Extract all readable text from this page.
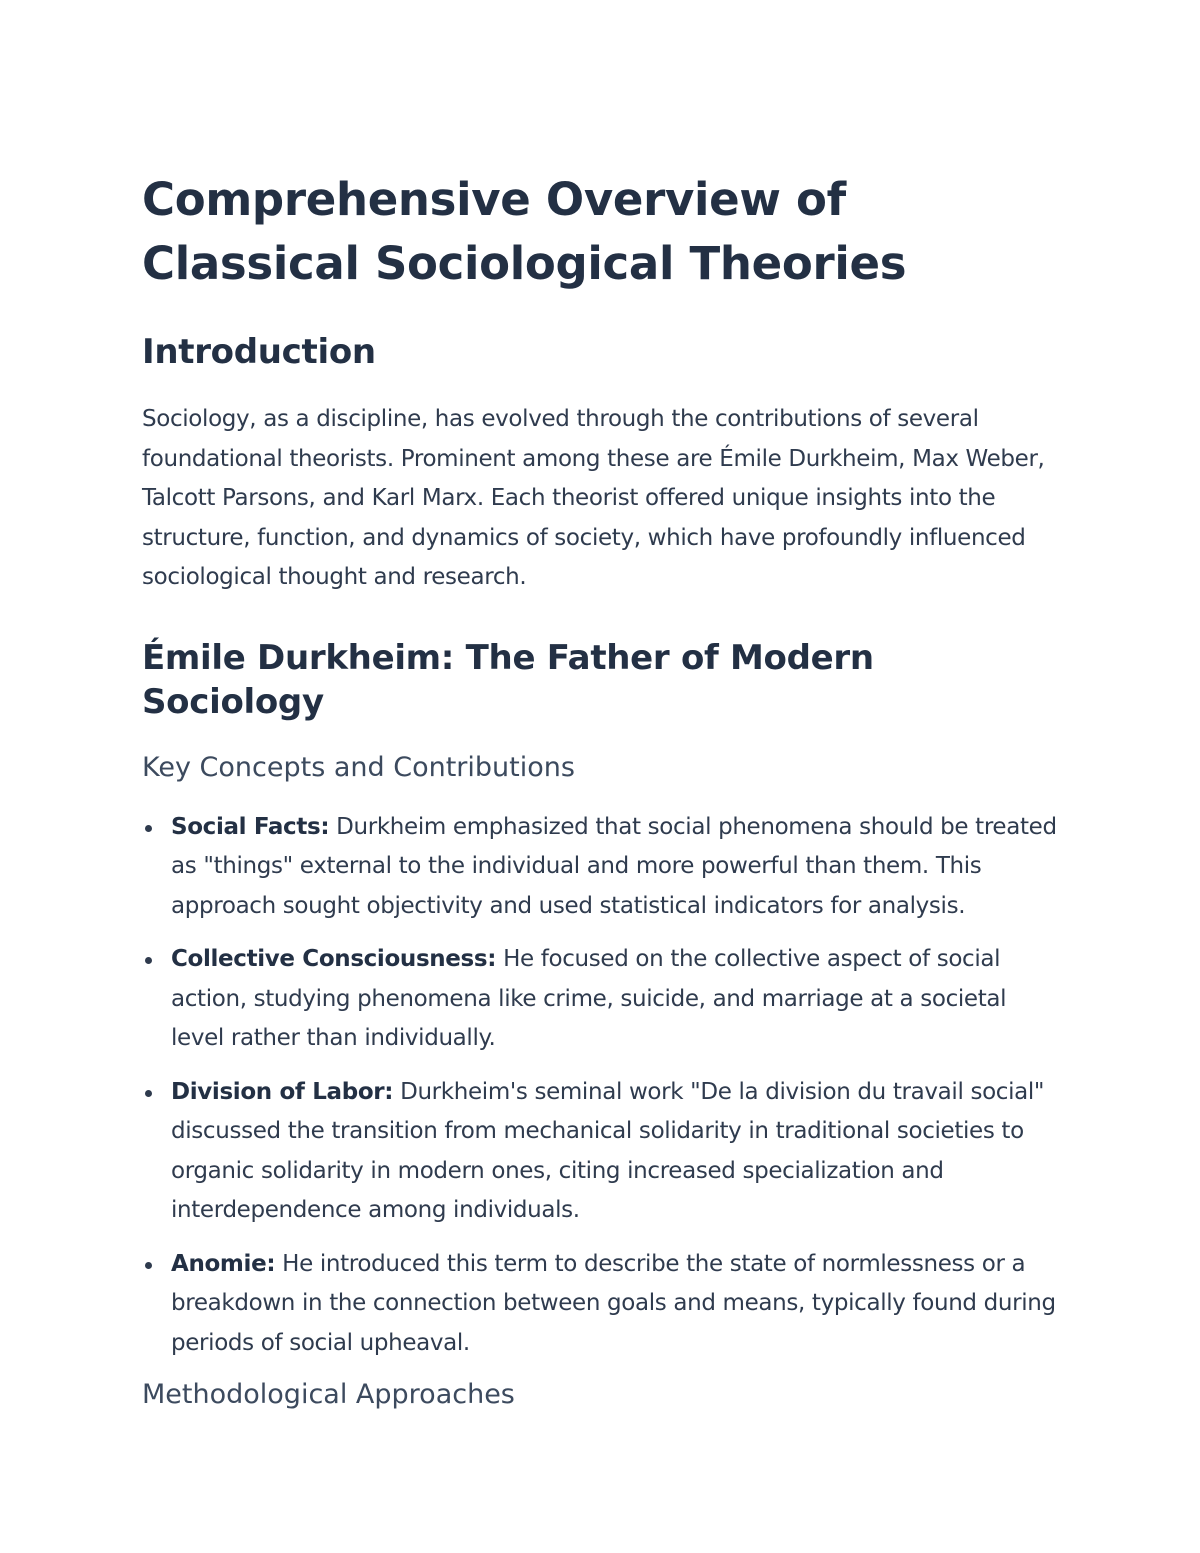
Comprehensive Overview of Classical Sociological Theories
Introduction

Sociology, as a discipline, has evolved through the contributions of several foundational theorists. Prominent among these are Émile Durkheim, Max Weber, Talcott Parsons, and Karl Marx. Each theorist offered unique insights into the structure, function, and dynamics of society, which have profoundly influenced sociological thought and research.

Émile Durkheim: The Father of Modern Sociology
Key Concepts and Contributions
Social Facts: Durkheim emphasized that social phenomena should be treated as "things" external to the individual and more powerful than them. This approach sought objectivity and used statistical indicators for analysis.
Collective Consciousness: He focused on the collective aspect of social action, studying phenomena like crime, suicide, and marriage at a societal level rather than individually.
Division of Labor: Durkheim's seminal work "De la division du travail social" discussed the transition from mechanical solidarity in traditional societies to organic solidarity in modern ones, citing increased specialization and interdependence among individuals.
Anomie: He introduced this term to describe the state of normlessness or a breakdown in the connection between goals and means, typically found during periods of social upheaval.
Methodological Approaches
